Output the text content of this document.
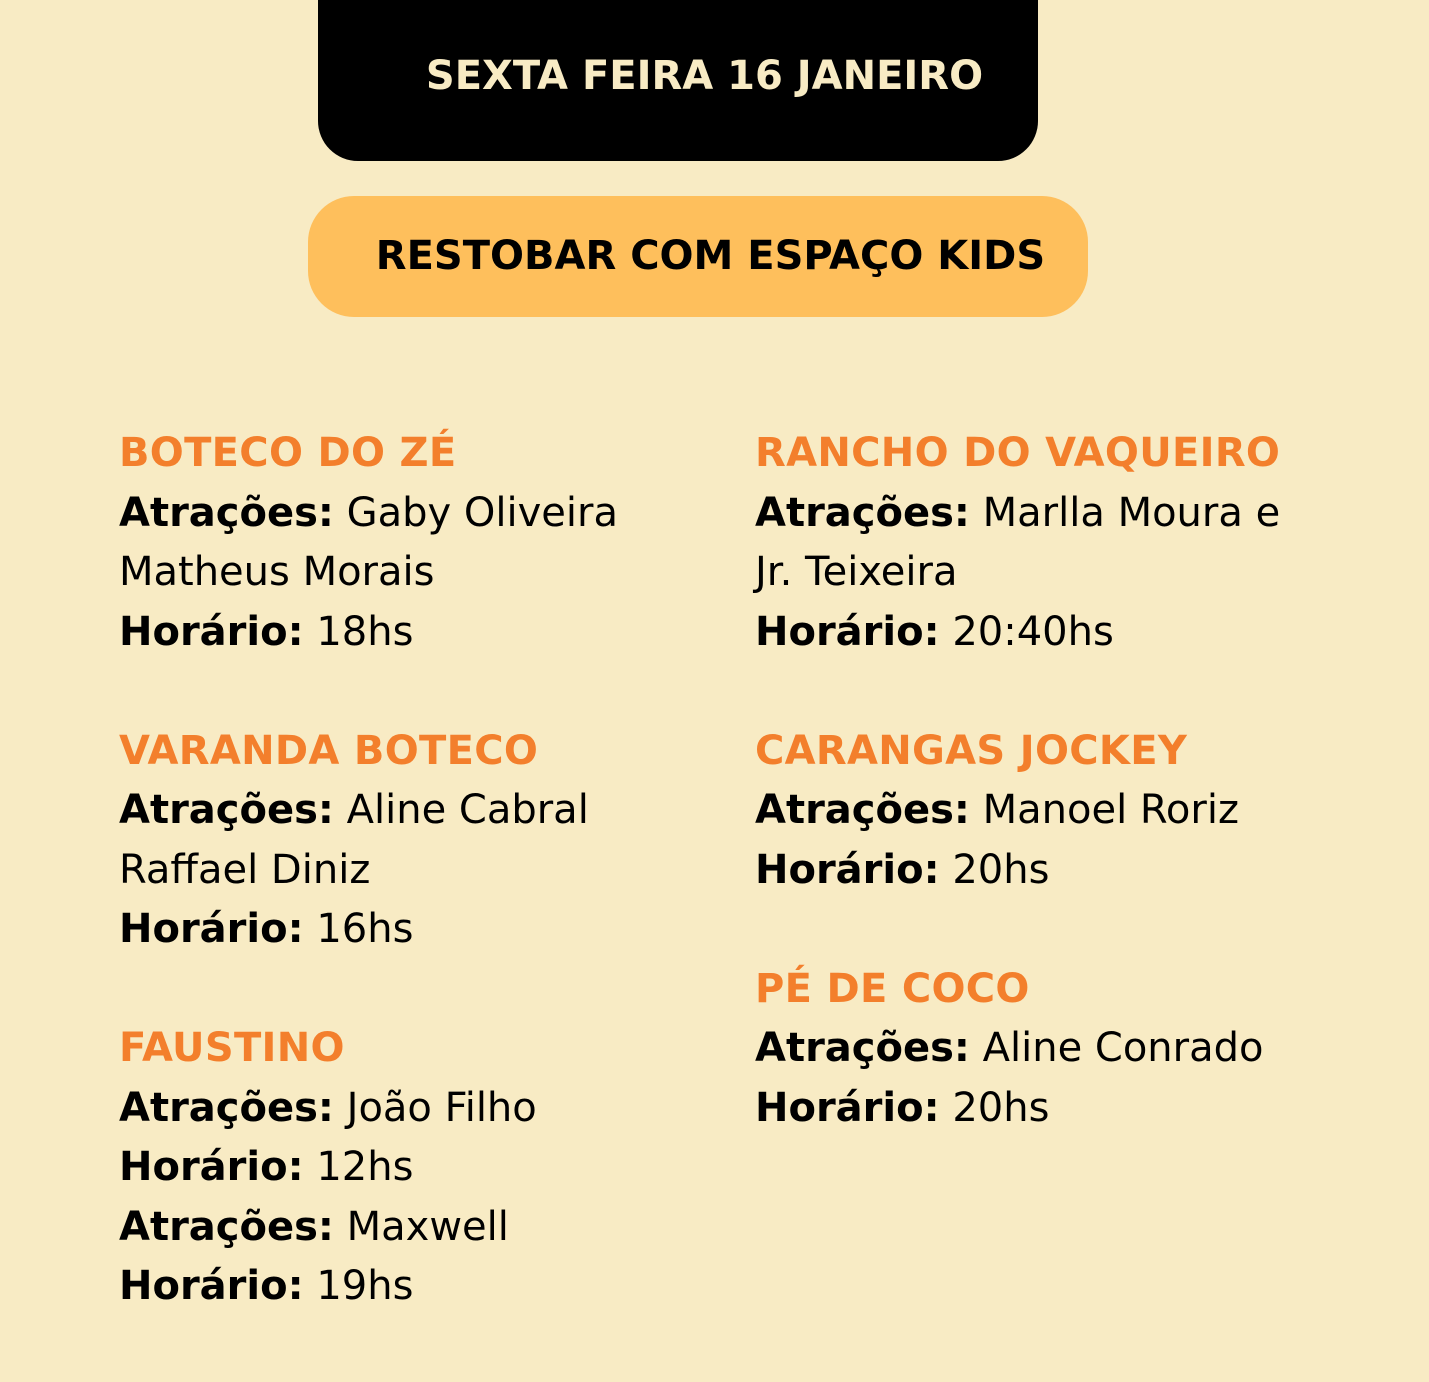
SEXTA FEIRA 16 JANEIRO
RESTOBAR COM ESPAÇO KIDS
BOTECO DO ZÉ
Atrações: Gaby Oliveira
Matheus Morais
Horário: 18hs
VARANDA BOTECO
Atrações: Aline Cabral
Raffael Diniz
Horário: 16hs
FAUSTINO
Atrações: João Filho
Horário: 12hs
Atrações: Maxwell
Horário: 19hs
RANCHO DO VAQUEIRO
Atrações: Marlla Moura e
Jr. Teixeira
Horário: 20:40hs
CARANGAS JOCKEY
Atrações: Manoel Roriz
Horário: 20hs
PÉ DE COCO
Atrações: Aline Conrado
Horário: 20hs
